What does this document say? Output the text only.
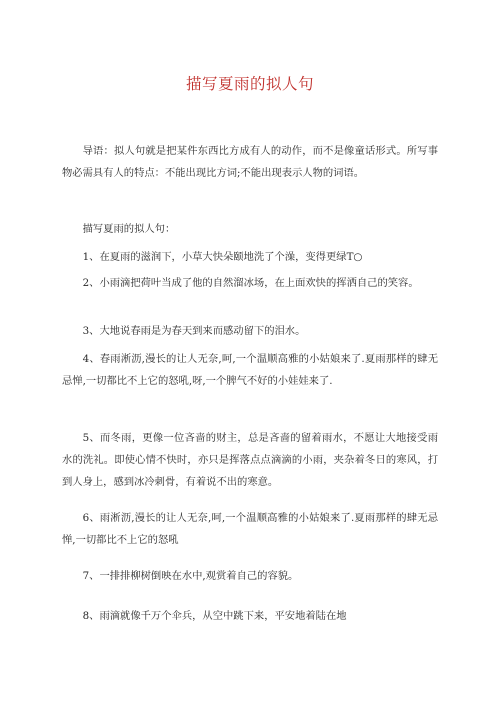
描写夏雨的拟人句

导语：拟人句就是把某件东西比方成有人的动作，而不是像童话形式。所写事物必需具有人的特点：不能出现比方词;不能出现表示人物的词语。

描写夏雨的拟人句：

1、在夏雨的滋润下，小草大快朵颐地洗了个澡，变得更绿T○

2、小雨滴把荷叶当成了他的自然溜冰场，在上面欢快的挥洒自己的笑容。

3、大地说春雨是为春天到来而感动留下的泪水。

4、春雨淅沥,漫长的让人无奈,呵,一个温顺高雅的小姑娘来了.夏雨那样的肆无忌惮,一切都比不上它的怒吼,呀,一个脾气不好的小娃娃来了.

5、而冬雨，更像一位吝啬的财主，总是吝啬的留着雨水，不愿让大地接受雨水的洗礼。即使心情不快时，亦只是挥落点点滴滴的小雨，夹杂着冬日的寒风，打到人身上，感到冰冷刺骨，有着说不出的寒意。

6、雨淅沥,漫长的让人无奈,呵,一个温顺高雅的小姑娘来了.夏雨那样的肆无忌惮,一切都比不上它的怒吼

7、一排排柳树倒映在水中,观赏着自己的容貌。

8、雨滴就像千万个伞兵，从空中跳下来，平安地着陆在地
